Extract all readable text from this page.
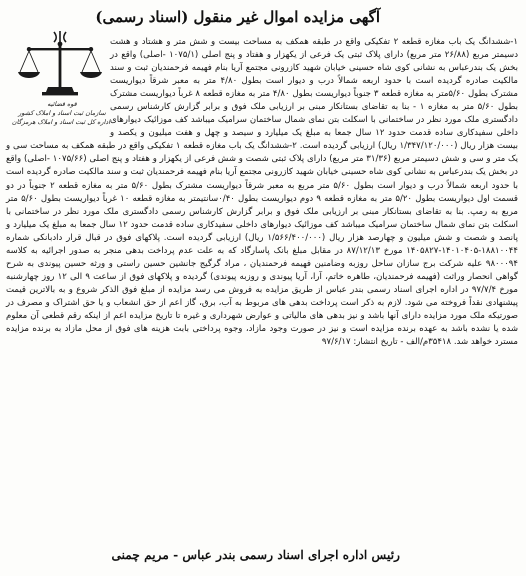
آگهی مزایده اموال غیر منقول (اسناد رسمی)
قوه قضائیه
سازمان ثبت اسناد و املاک کشور
اداره کل ثبت اسناد و املاک هرمزگان

۱-ششدانگ یک باب مغازه قطعه ۲ تفکیکی واقع در طبقه همکف به مساحت بیست و شش متر و هشتاد و هشت دسیمتر مربع (۲۶/۸۸ متر مربع) دارای پلاک ثبتی یک فرعی از یکهزار و هفتاد و پنج اصلی (۱۰۷۵/۱ -اصلی) واقع در بخش یک بندرعباس به نشانی کوی شاه حسینی خیابان شهید کازرونی مجتمع آریا بنام فهیمه فرحمندیان ثبت و سند مالکیت صادره گردیده است با حدود اربعه شمالاً درب و دیوار است بطول ۴/۸۰ متر به معبر شرقاً دیواریست مشترک بطول ۵/۶۰متر به مغازه قطعه ۳ جنوباً دیواریست بطول ۴/۸۰ متر به مغازه قطعه ۸ غرباً دیواریست مشترک بطول ۵/۶۰ متر به مغازه ۱ - بنا به تقاضای بستانکار مبنی بر ارزیابی ملک فوق و برابر گزارش کارشناس رسمی دادگستری ملک مورد نظر در ساختمانی با اسکلت بتن نمای شمال ساختمان سرامیک میباشد کف موزائیک دیوارهای داخلی سفیدکاری ساده قدمت حدود ۱۲ سال جمعا به مبلغ یک میلیارد و سیصد و چهل و هفت میلیون و یکصد و بیست هزار ریال (۱/۳۴۷/۱۲۰/۰۰۰ ریال) ارزیابی گردیده است. ۲-ششدانگ یک باب مغازه قطعه ۱ تفکیکی واقع در طبقه همکف به مساحت سی و یک متر و سی و شش دسیمتر مربع (۳۱/۳۶ متر مربع) دارای پلاک ثبتی شصت و شش فرعی از یکهزار و هفتاد و پنج اصلی (۱۰۷۵/۶۶ -اصلی) واقع در بخش یک بندرعباس به نشانی کوی شاه حسینی خیابان شهید کازرونی مجتمع آریا بنام فهیمه فرحمندیان ثبت و سند مالکیت صادره گردیده است با حدود اربعه شمالاً درب و دیوار است بطول ۵/۶۰ متر مربع به معبر شرقاً دیواریست مشترک بطول ۵/۶۰ متر به مغازه قطعه ۲ جنوباً در دو قسمت اول دیواریست بطول ۵/۲۰ متر به مغازه قطعه ۹ دوم دیواریست بطول ۰/۴۰سانتیمتر به مغازه قطعه ۱۰ غرباً دیواریست بطول ۵/۶۰ متر مربع به رمپ. بنا به تقاضای بستانکار مبنی بر ارزیابی ملک فوق و برابر گزارش کارشناس رسمی دادگستری ملک مورد نظر در ساختمانی با اسکلت بتن نمای شمال ساختمان سرامیک میباشد کف موزائیک دیوارهای داخلی سفیدکاری ساده قدمت حدود ۱۲ سال جمعا به مبلغ یک میلیارد و پانصد و شصت و شش میلیون و چهارصد هزار ریال (۱/۵۶۶/۴۰۰/۰۰۰ ریال) ارزیابی گردیده است. پلاکهای فوق در قبال قرار دادبانکی شماره ۱۸۸۱۰۰۴۴-۱۴۰۱۰۴۰۵-۱۴۰۵۸۲۷ مورخ ۸۷/۱۲/۱۳ در مقابل مبلغ بانک پاسارگاد که به علت عدم پرداخت بدهی منجر به صدور اجرائیه به کلاسه ۹۸۰۰۰۹۴ علیه شرکت برج سازان ساحل روزبه وضامنین فهیمه فرحمندیان ، مراد گرگیج جانشین حسین راستی و ورثه حسین پیوندی به شرح گواهی انحصار وراثت (فهیمه فرحمندیان، طاهره خاتم، آرا، آریا پیوندی و روزبه پیوندی) گردیده و پلاکهای فوق از ساعت ۹ الی ۱۲ روز چهارشنبه مورخ ۹۷/۷/۴ در اداره اجرای اسناد رسمی بندر عباس از طریق مزایده به فروش می رسد مزایده از مبلغ فوق الذکر شروع و به بالاترین قیمت پیشنهادی نقداً فروخته می شود. لازم به ذکر است پرداخت بدهی های مربوط به آب، برق، گاز اعم از حق انشعاب و یا حق اشتراک و مصرف در صورتیکه ملک مورد مزایده دارای آنها باشد و نیز بدهی های مالیاتی و عوارض شهرداری و غیره تا تاریخ مزایده اعم از اینکه رقم قطعی آن معلوم شده یا نشده باشد به عهده برنده مزایده است و نیز در صورت وجود مازاد، وجوه پرداختی بابت هزینه های فوق از محل مازاد به برنده مزایده مسترد خواهد شد. ۳۵۴۱۸م/الف - تاریخ انتشار: ۹۷/۶/۱۷

رئیس اداره اجرای اسناد رسمی بندر عباس - مریم چمنی
